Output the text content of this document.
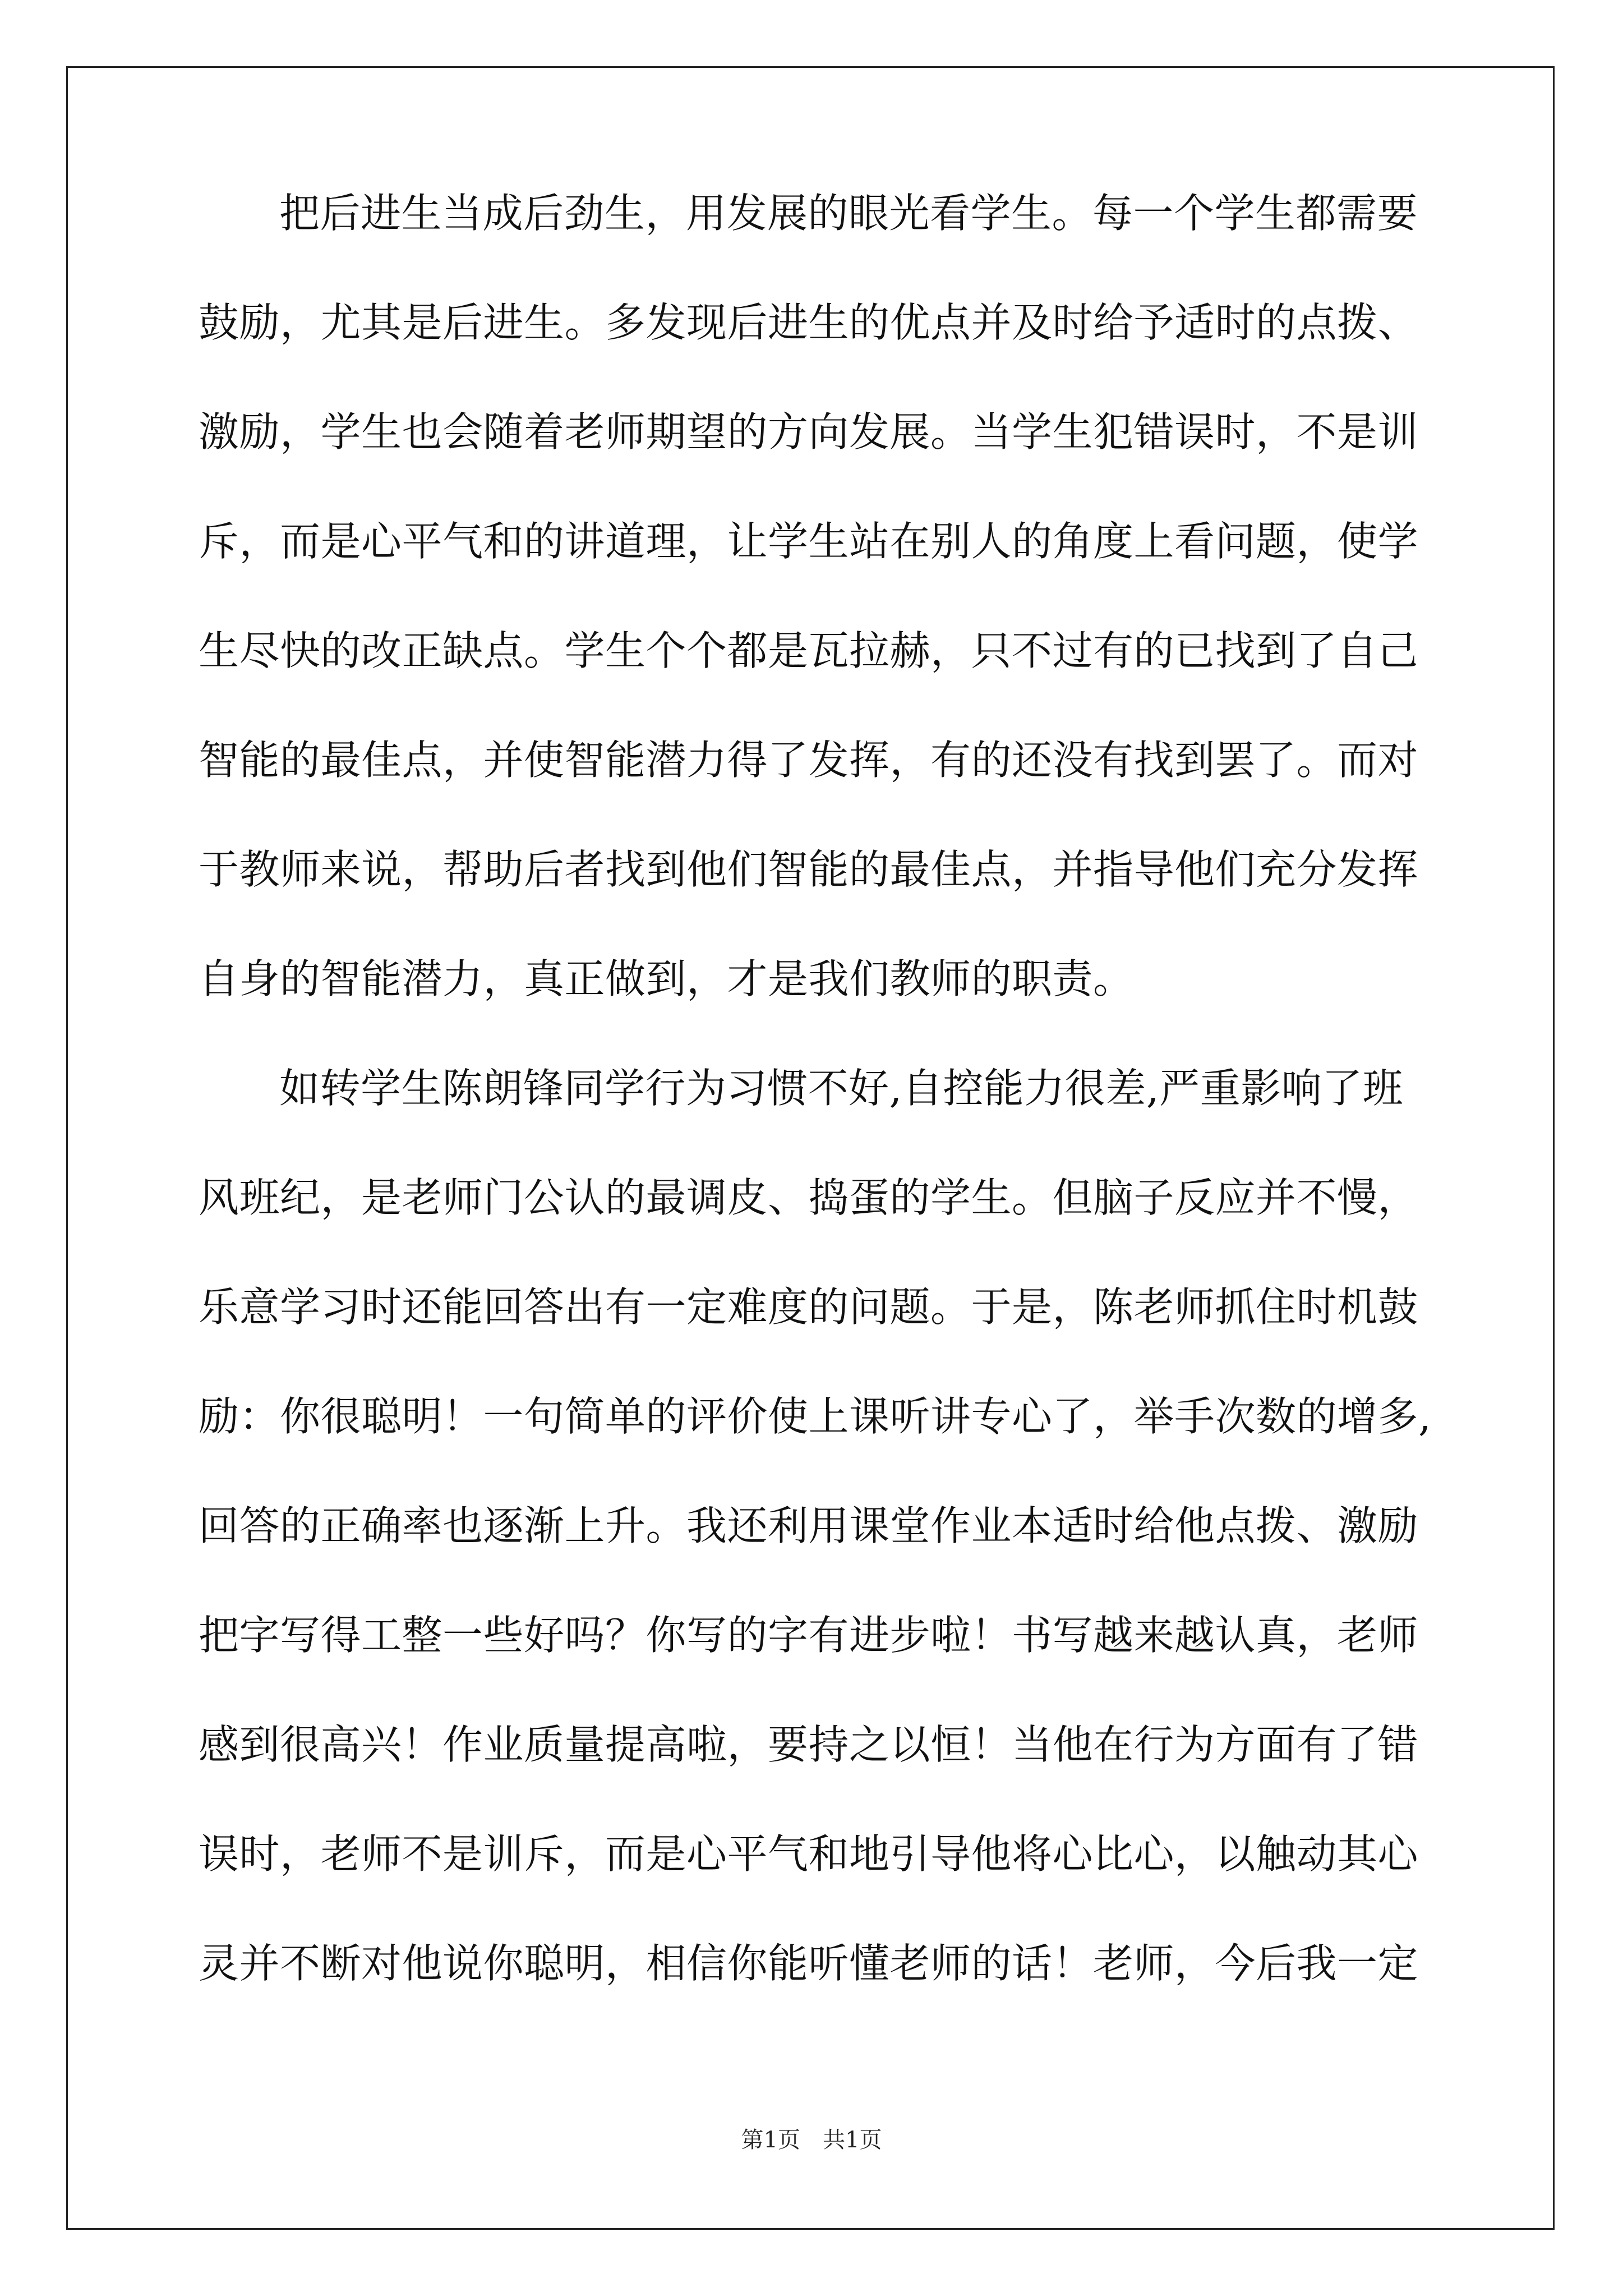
把后进生当成后劲生，用发展的眼光看学生。每一个学生都需要
鼓励，尤其是后进生。多发现后进生的优点并及时给予适时的点拨、
激励，学生也会随着老师期望的方向发展。当学生犯错误时，不是训
斥，而是心平气和的讲道理，让学生站在别人的角度上看问题，使学
生尽快的改正缺点。学生个个都是瓦拉赫，只不过有的已找到了自己
智能的最佳点，并使智能潜力得了发挥，有的还没有找到罢了。而对
于教师来说，帮助后者找到他们智能的最佳点，并指导他们充分发挥
自身的智能潜力，真正做到，才是我们教师的职责。
如转学生陈朗锋同学行为习惯不好,自控能力很差,严重影响了班
风班纪，是老师门公认的最调皮、捣蛋的学生。但脑子反应并不慢，
乐意学习时还能回答出有一定难度的问题。于是，陈老师抓住时机鼓
励：你很聪明！一句简单的评价使上课听讲专心了，举手次数的增多,
回答的正确率也逐渐上升。我还利用课堂作业本适时给他点拨、激励
把字写得工整一些好吗？你写的字有进步啦！书写越来越认真，老师
感到很高兴！作业质量提高啦，要持之以恒！当他在行为方面有了错
误时，老师不是训斥，而是心平气和地引导他将心比心，以触动其心
灵并不断对他说你聪明，相信你能听懂老师的话！老师，今后我一定
第1页　共1页
